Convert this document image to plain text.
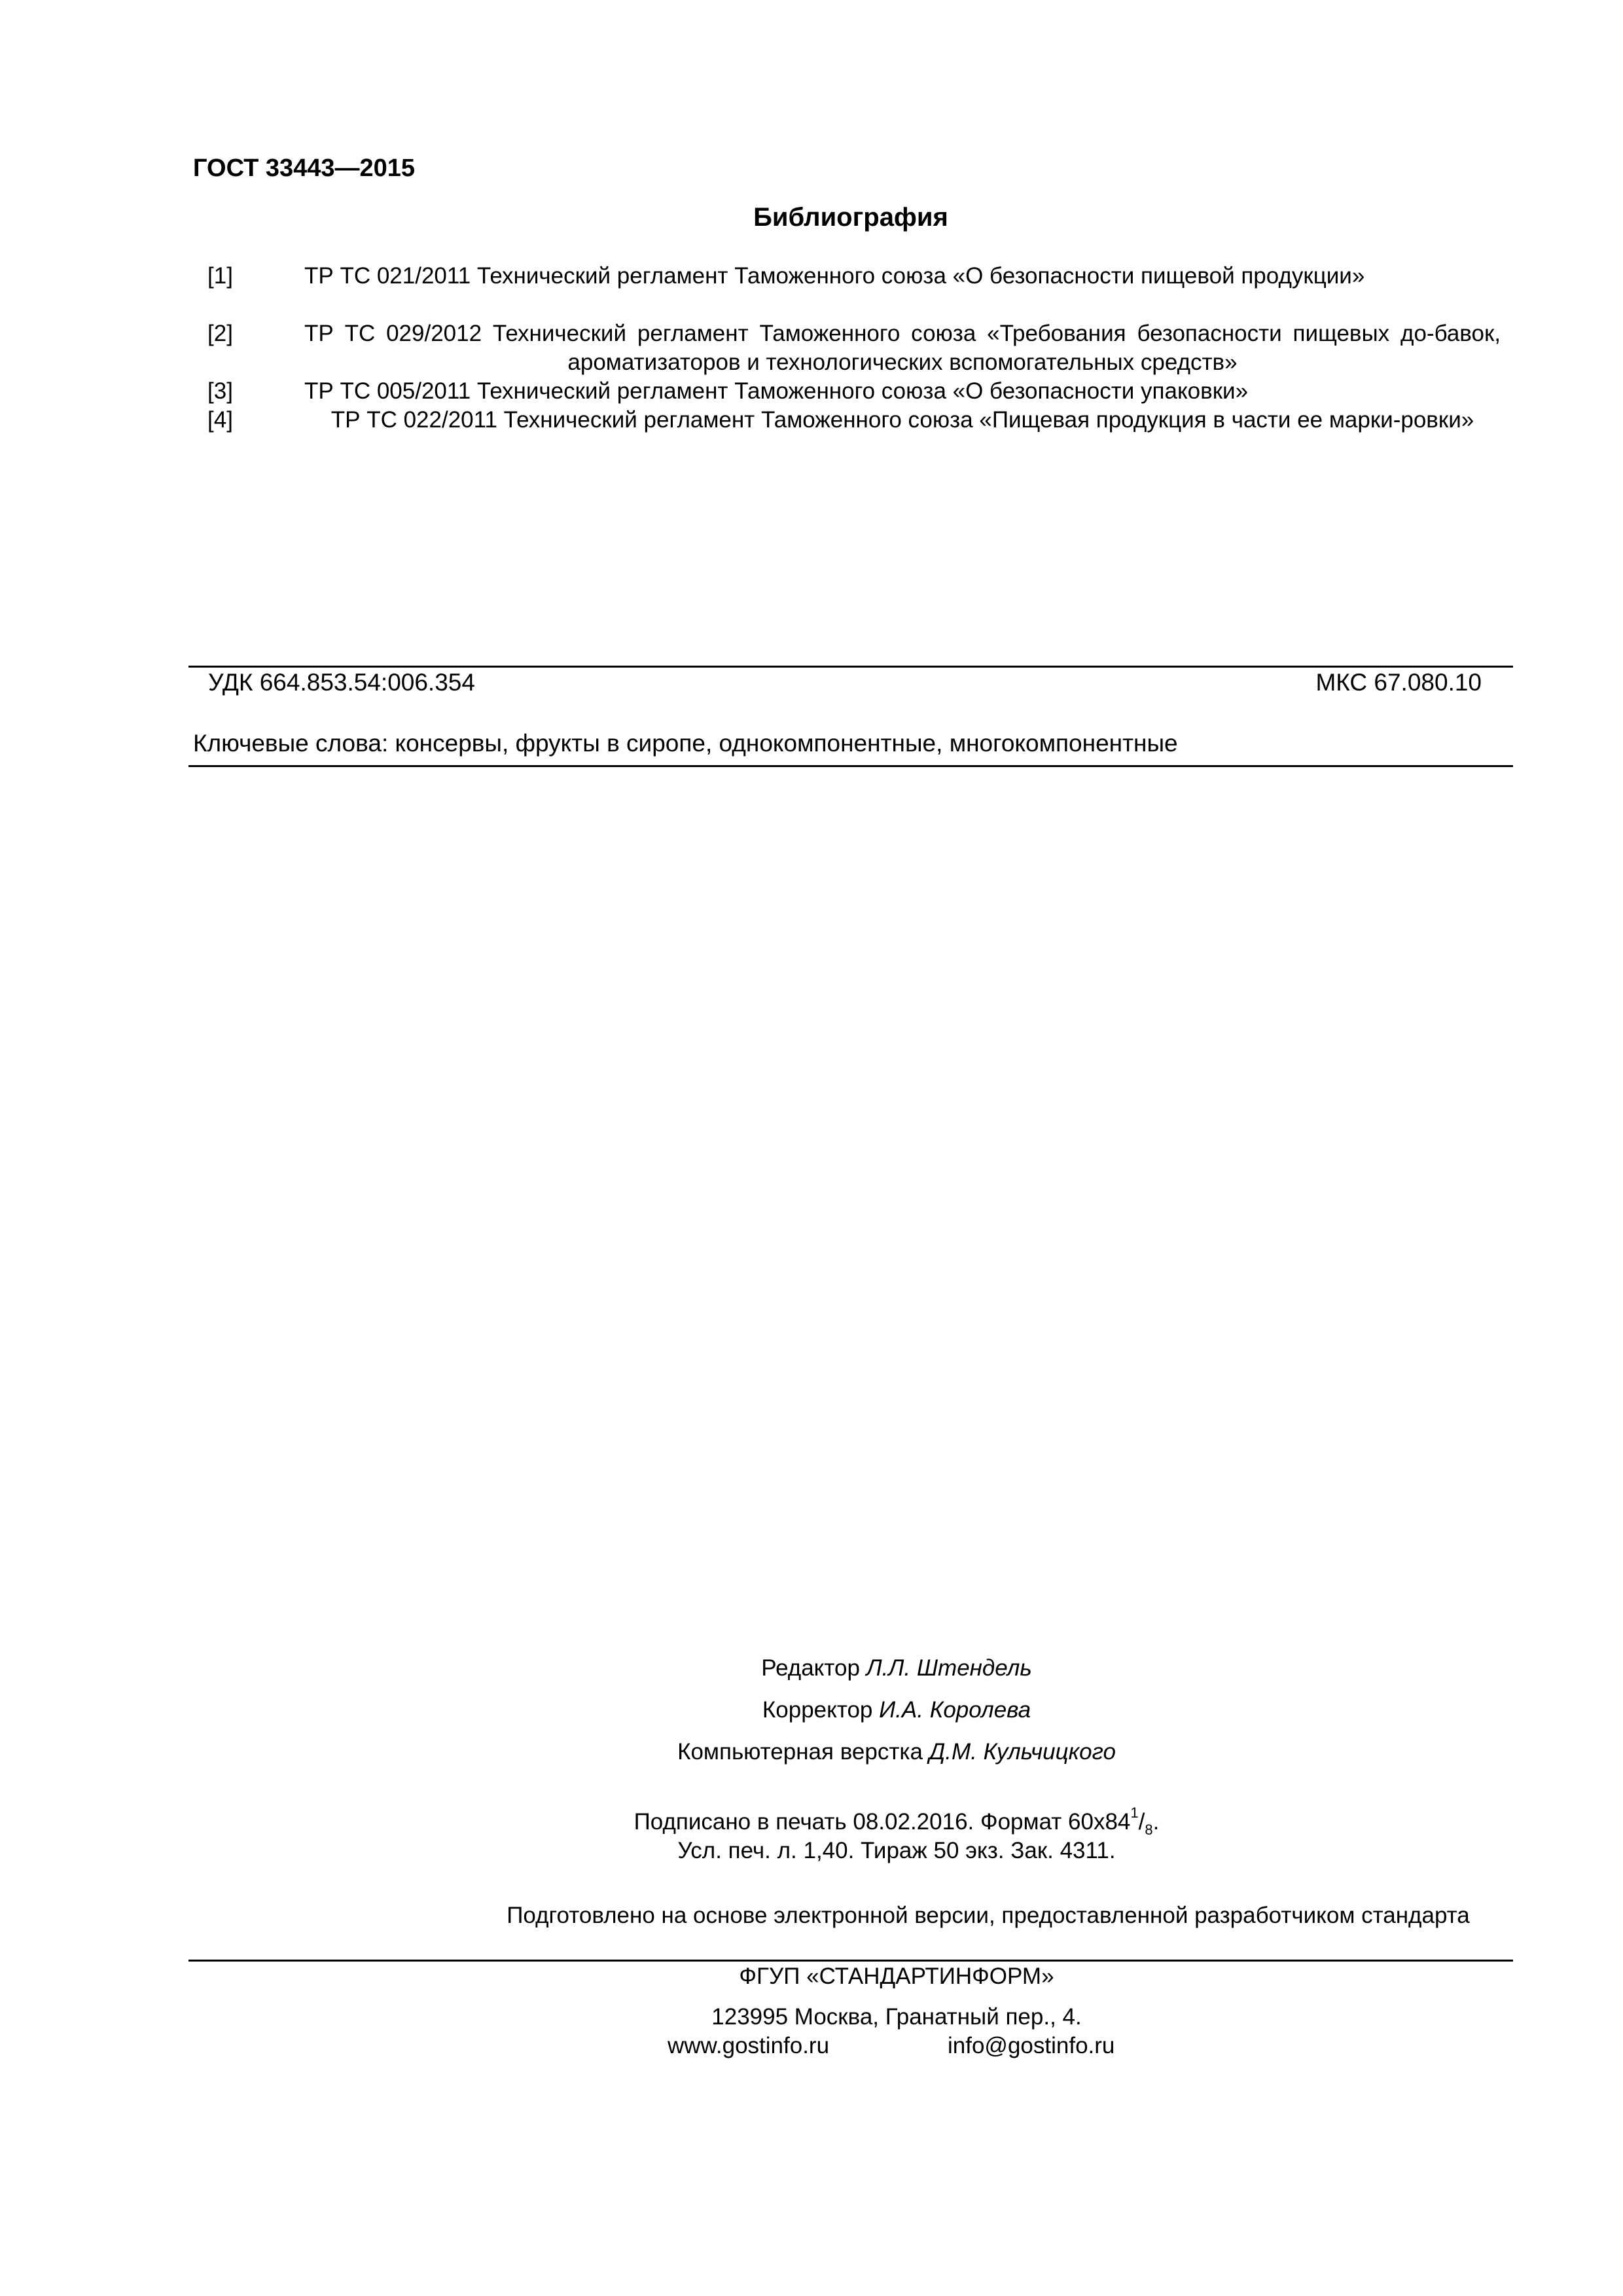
ГОСТ 33443—2015
Библиография
[1]	ТР ТС 021/2011 Технический регламент Таможенного союза «О безопасности пищевой продукции»
[2]	ТР ТС 029/2012 Технический регламент Таможенного союза «Требования безопасности пищевых до-бавок, ароматизаторов и технологических вспомогательных средств»
[3]	ТР ТС 005/2011 Технический регламент Таможенного союза «О безопасности упаковки»
[4]	ТР ТС 022/2011 Технический регламент Таможенного союза «Пищевая продукция в части ее марки-ровки»
УДК 664.853.54:006.354	МКС 67.080.10
Ключевые слова: консервы, фрукты в сиропе, однокомпонентные, многокомпонентные
Редактор Л.Л. Штендель
Корректор И.А. Королева
Компьютерная верстка Д.М. Кульчицкого
Подписано в печать 08.02.2016. Формат $60x84^1/_8$.
Усл. печ. л. 1,40. Тираж 50 экз. Зак. 4311.
Подготовлено на основе электронной версии, предоставленной разработчиком стандарта
ФГУП «СТАНДАРТИНФОРМ»
123995 Москва, Гранатный пер., 4.
www.gostinfo.ru	info@gostinfo.ru
